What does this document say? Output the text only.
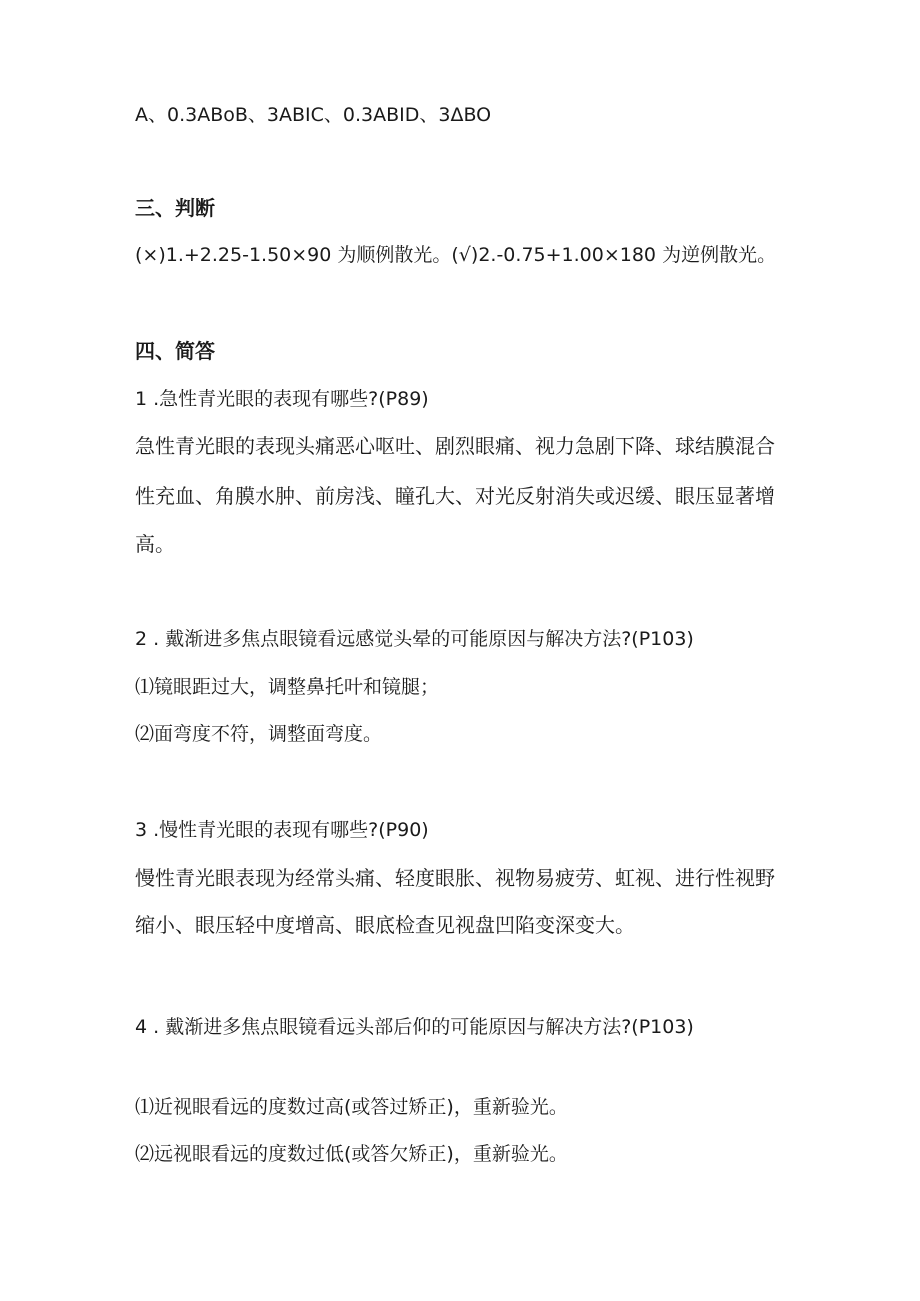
A、0.3ABoB、3ABIC、0.3ABID、3ΔBO

三、判断

(×)1.+2.25-1.50×90 为顺例散光。(√)2.-0.75+1.00×180 为逆例散光。

四、简答

1 .急性青光眼的表现有哪些?(P89)

急性青光眼的表现头痛恶心呕吐、剧烈眼痛、视力急剧下降、球结膜混合

性充血、角膜水肿、前房浅、瞳孔大、对光反射消失或迟缓、眼压显著增

高。

2 . 戴渐进多焦点眼镜看远感觉头晕的可能原因与解决方法?(P103)

⑴镜眼距过大，调整鼻托叶和镜腿；

⑵面弯度不符，调整面弯度。

3 .慢性青光眼的表现有哪些?(P90)

慢性青光眼表现为经常头痛、轻度眼胀、视物易疲劳、虹视、进行性视野

缩小、眼压轻中度增高、眼底检查见视盘凹陷变深变大。

4 . 戴渐进多焦点眼镜看远头部后仰的可能原因与解决方法?(P103)

⑴近视眼看远的度数过高(或答过矫正)，重新验光。

⑵远视眼看远的度数过低(或答欠矫正)，重新验光。
